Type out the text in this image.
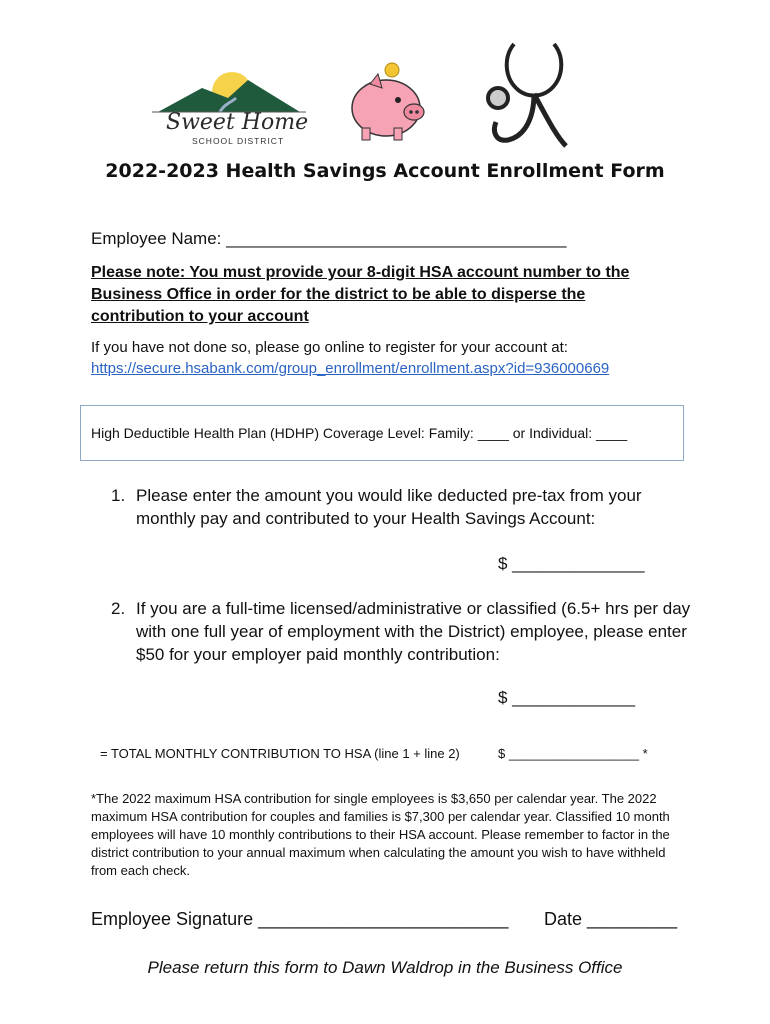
Sweet Home
SCHOOL DISTRICT
2022-2023 Health Savings Account Enrollment Form
Employee Name: ____________________________________
Please note: You must provide your 8-digit HSA account number to the Business Office in order for the district to be able to disperse the contribution to your account
If you have not done so, please go online to register for your account at:
https://secure.hsabank.com/group_enrollment/enrollment.aspx?id=936000669
High Deductible Health Plan (HDHP) Coverage Level: Family: ____ or Individual: ____
1. Please enter the amount you would like deducted pre-tax from your monthly pay and contributed to your Health Savings Account:
$ ______________
2. If you are a full-time licensed/administrative or classified (6.5+ hrs per day with one full year of employment with the District) employee, please enter $50 for your employer paid monthly contribution:
$ _____________
= TOTAL MONTHLY CONTRIBUTION TO HSA (line 1 + line 2)	$ __________________ *
*The 2022 maximum HSA contribution for single employees is $3,650 per calendar year. The 2022 maximum HSA contribution for couples and families is $7,300 per calendar year. Classified 10 month employees will have 10 monthly contributions to their HSA account. Please remember to factor in the district contribution to your annual maximum when calculating the amount you wish to have withheld from each check.
Employee Signature _________________________ Date _________
Please return this form to Dawn Waldrop in the Business Office
